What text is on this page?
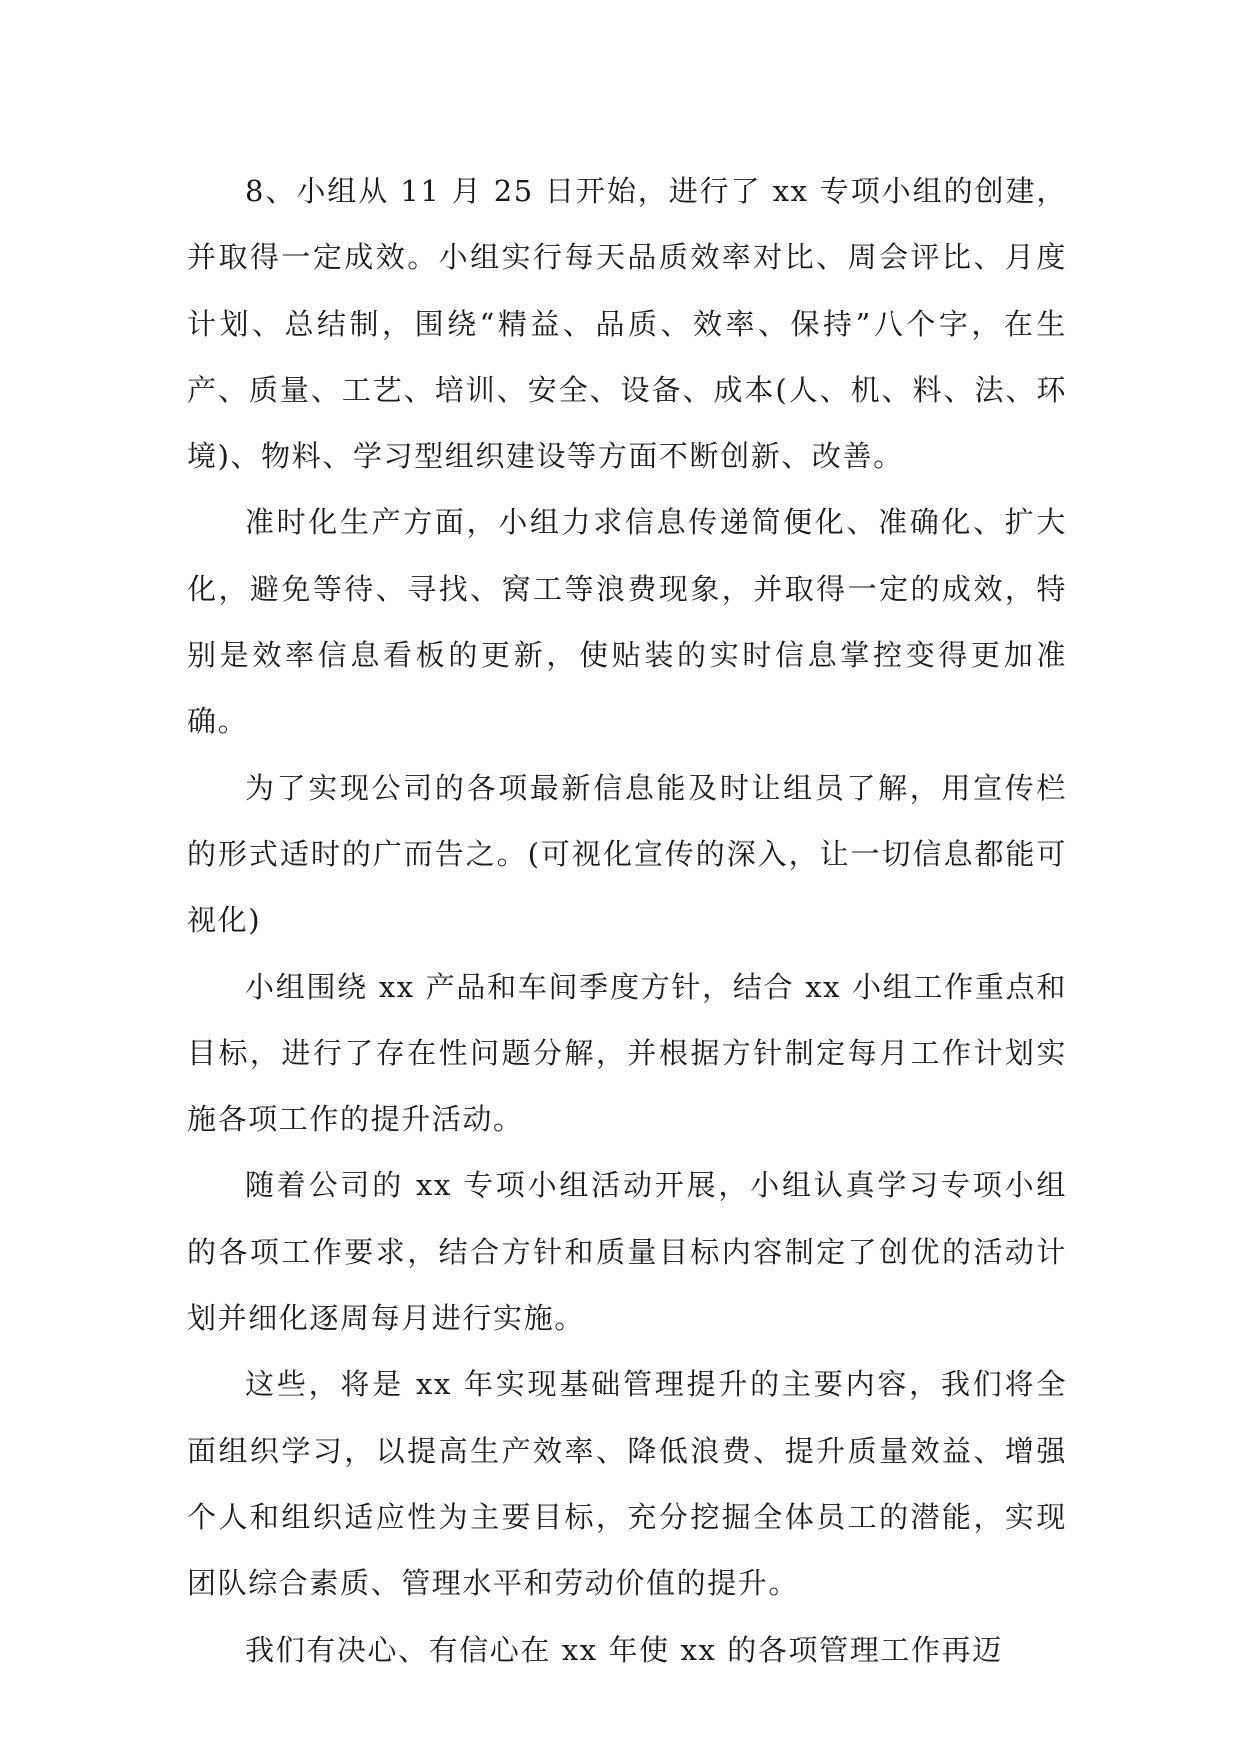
8、小组从 11 月 25 日开始，进行了 xx 专项小组的创建，并取得一定成效。小组实行每天品质效率对比、周会评比、月度计划、总结制，围绕“精益、品质、效率、保持”八个字，在生产、质量、工艺、培训、安全、设备、成本(人、机、料、法、环境)、物料、学习型组织建设等方面不断创新、改善。

准时化生产方面，小组力求信息传递简便化、准确化、扩大化，避免等待、寻找、窝工等浪费现象，并取得一定的成效，特别是效率信息看板的更新，使贴装的实时信息掌控变得更加准确。

为了实现公司的各项最新信息能及时让组员了解，用宣传栏的形式适时的广而告之。(可视化宣传的深入，让一切信息都能可视化)

小组围绕 xx 产品和车间季度方针，结合 xx 小组工作重点和目标，进行了存在性问题分解，并根据方针制定每月工作计划实施各项工作的提升活动。

随着公司的 xx 专项小组活动开展，小组认真学习专项小组的各项工作要求，结合方针和质量目标内容制定了创优的活动计划并细化逐周每月进行实施。

这些，将是 xx 年实现基础管理提升的主要内容，我们将全面组织学习，以提高生产效率、降低浪费、提升质量效益、增强个人和组织适应性为主要目标，充分挖掘全体员工的潜能，实现团队综合素质、管理水平和劳动价值的提升。

我们有决心、有信心在 xx 年使 xx 的各项管理工作再迈
